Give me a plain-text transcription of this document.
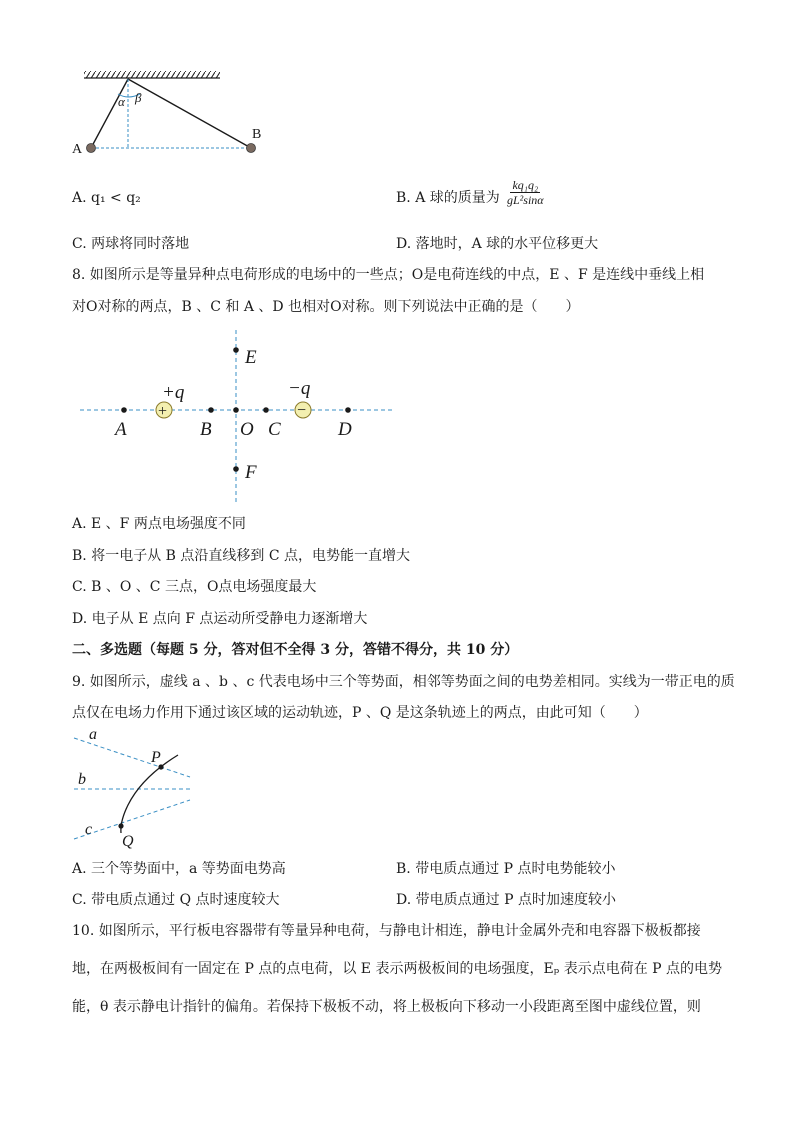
α β
A
B
A. q₁ < q₂	B. A 球的质量为 $\frac{\text{kq₁q₂}}{\text{gL²sinα}}$
C. 两球将同时落地	D. 落地时，A 球的水平位移更大
8. 如图所示是等量异种点电荷形成的电场中的一些点；O是电荷连线的中点，E 、F 是连线中垂线上相
对O对称的两点，B 、C 和 A 、D 也相对O对称。则下列说法中正确的是（　　）
+	−
+q	−q
E
F
A	B O C	D
A. E 、F 两点电场强度不同
B. 将一电子从 B 点沿直线移到 C 点，电势能一直增大
C. B 、O 、C 三点，O点电场强度最大
D. 电子从 E 点向 F 点运动所受静电力逐渐增大
二、多选题（每题 5 分，答对但不全得 3 分，答错不得分，共 10 分）
9. 如图所示，虚线 a 、b 、c 代表电场中三个等势面，相邻等势面之间的电势差相同。实线为一带正电的质
点仅在电场力作用下通过该区域的运动轨迹，P 、Q 是这条轨迹上的两点，由此可知（　　）
a
b
c
P
Q
A. 三个等势面中，a 等势面电势高	B. 带电质点通过 P 点时电势能较小
C. 带电质点通过 Q 点时速度较大	D. 带电质点通过 P 点时加速度较小
10. 如图所示，平行板电容器带有等量异种电荷，与静电计相连，静电计金属外壳和电容器下极板都接
地，在两极板间有一固定在 P 点的点电荷，以 E 表示两极板间的电场强度，Eₚ 表示点电荷在 P 点的电势
能，θ 表示静电计指针的偏角。若保持下极板不动，将上极板向下移动一小段距离至图中虚线位置，则
